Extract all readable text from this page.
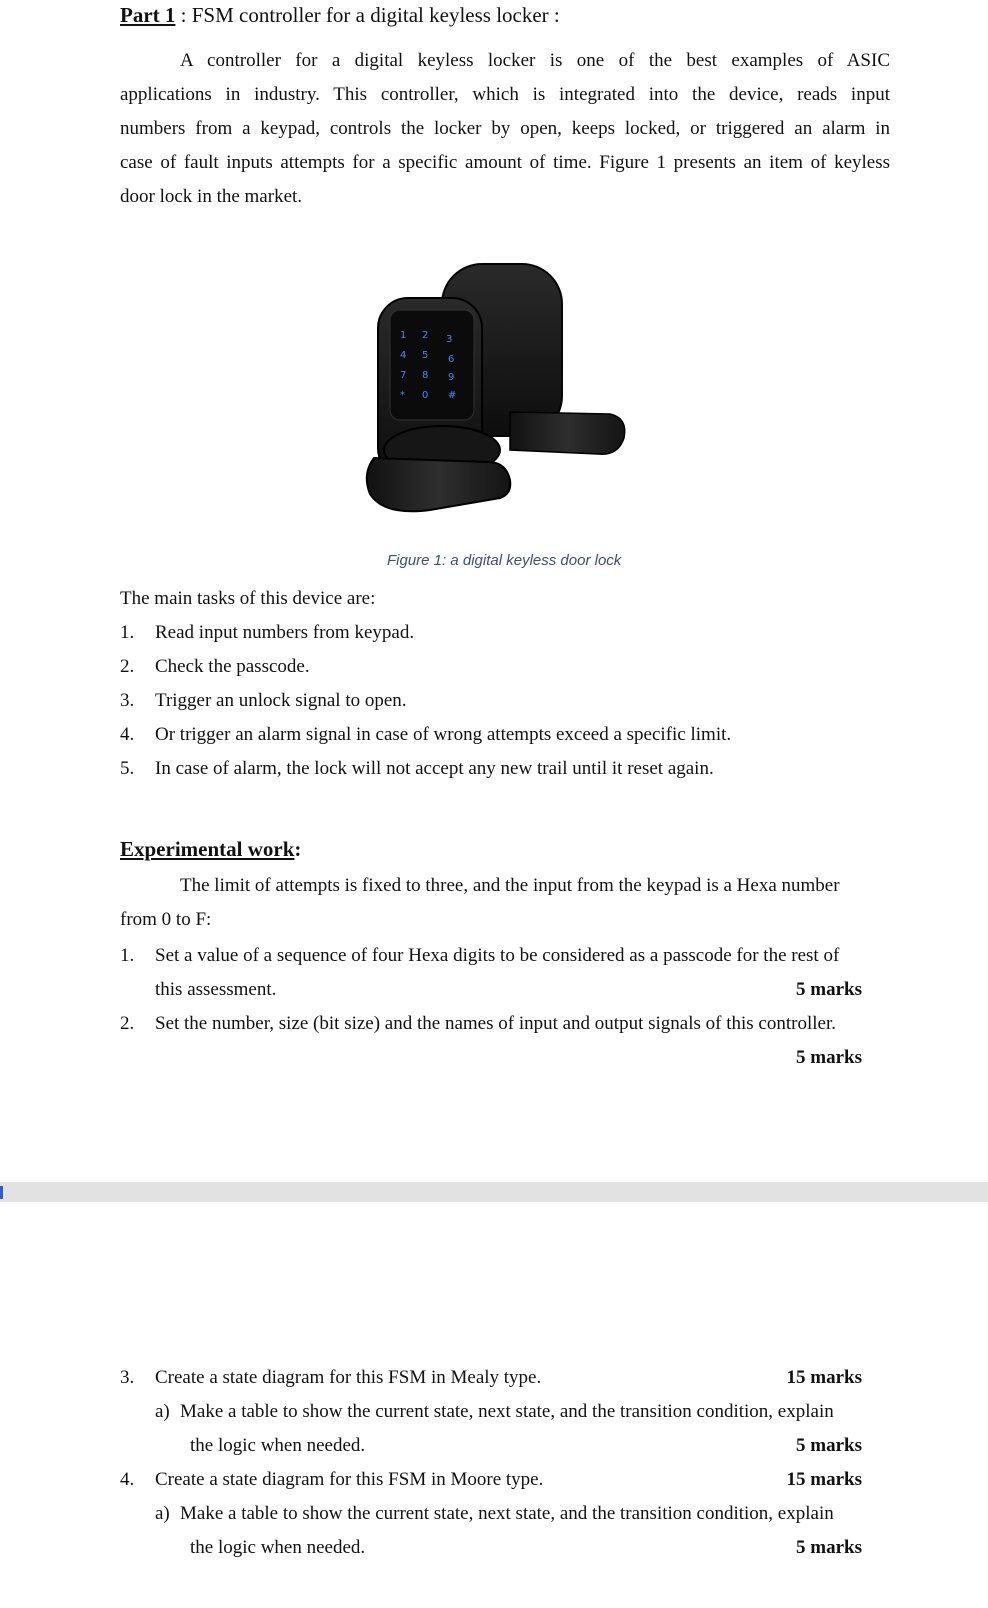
Part 1 : FSM controller for a digital keyless locker :
A controller for a digital keyless locker is one of the best examples of ASIC
applications in industry. This controller, which is integrated into the device, reads input
numbers from a keypad, controls the locker by open, keeps locked, or triggered an alarm in
case of fault inputs attempts for a specific amount of time. Figure 1 presents an item of keyless
door lock in the market.
1 2 3
4 5 6
7 8 9
* 0 #
Figure 1: a digital keyless door lock
The main tasks of this device are:
1.	Read input numbers from keypad.
2.	Check the passcode.
3.	Trigger an unlock signal to open.
4.	Or trigger an alarm signal in case of wrong attempts exceed a specific limit.
5.	In case of alarm, the lock will not accept any new trail until it reset again.
Experimental work:
The limit of attempts is fixed to three, and the input from the keypad is a Hexa number
from 0 to F:
1.	Set a value of a sequence of four Hexa digits to be considered as a passcode for the rest of
this assessment.	5 marks
2.	Set the number, size (bit size) and the names of input and output signals of this controller.
5 marks
3.	Create a state diagram for this FSM in Mealy type.	15 marks
a) Make a table to show the current state, next state, and the transition condition, explain
the logic when needed.	5 marks
4.	Create a state diagram for this FSM in Moore type.	15 marks
a) Make a table to show the current state, next state, and the transition condition, explain
the logic when needed.	5 marks
